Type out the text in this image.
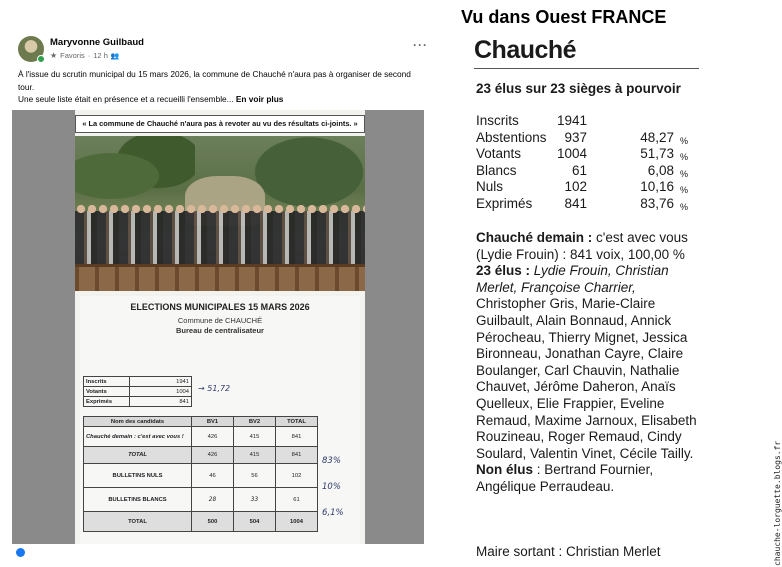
Maryvonne Guilbaud
★ Favoris · 12 h 👥
···
À l'issue du scrutin municipal du 15 mars 2026, la commune de Chauché n'aura pas à organiser de second tour.
Une seule liste était en présence et a recueilli l'ensemble... En voir plus
« La commune de Chauché n'aura pas à revoter au vu des résultats ci-joints. »
ELECTIONS MUNICIPALES 15 MARS 2026
Commune de CHAUCHÉ
Bureau de centralisateur
Inscrits	1941
Votants	1004
Exprimés	841
→ 51,72
Nom des candidats	BV1	BV2	TOTAL
Chauché demain : c'est avec vous !	426	415	841
TOTAL	426	415	841
BULLETINS NULS	46	56	102
BULLETINS BLANCS	28	33	61
TOTAL	500	504	1004
83%
10%
6,1%
Vu dans Ouest FRANCE
Chauché
23 élus sur 23 sièges à pourvoir
Inscrits	1941
Abstentions 937	48,27 %
Votants	1004	51,73 %
Blancs	61	6,08 %
Nuls	102	10,16 %
Exprimés 841	83,76 %

Chauché demain : c'est avec vous (Lydie Frouin) : 841 voix, 100,00 %

23 élus : Lydie Frouin, Christian Merlet, Françoise Charrier, Christopher Gris, Marie-Claire Guilbault, Alain Bonnaud, Annick Pérocheau, Thierry Mignet, Jessica Bironneau, Jonathan Cayre, Claire Boulanger, Carl Chauvin, Nathalie Chauvet, Jérôme Daheron, Anaïs Quelleux, Elie Frappier, Eveline Remaud, Maxime Jarnoux, Elisabeth Rouzineau, Roger Remaud, Cindy Soulard, Valentin Vinet, Cécile Tailly.

Non élus : Bertrand Fournier, Angélique Perraudeau.

Maire sortant : Christian Merlet	chauche-lorguette.blogs.fr
